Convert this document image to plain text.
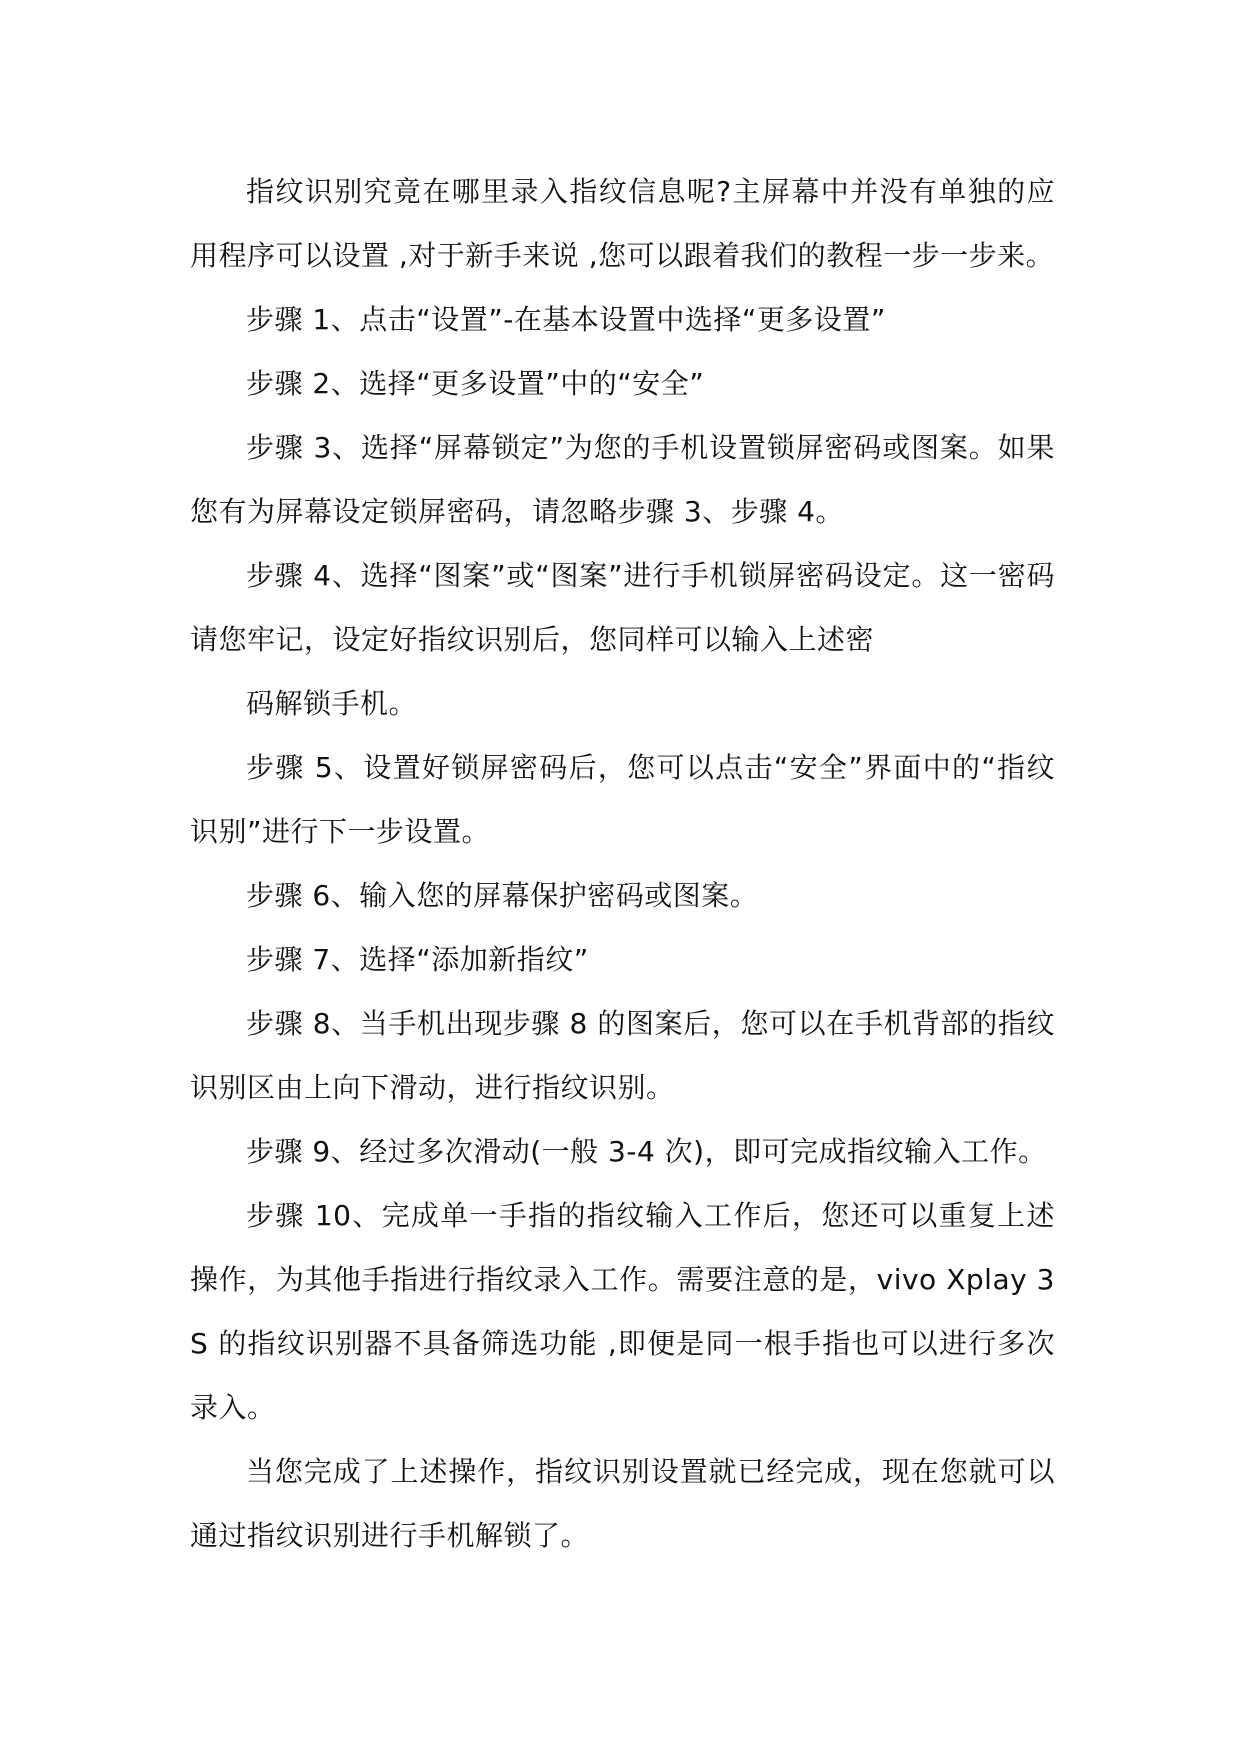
指纹识别究竟在哪里录入指纹信息呢?主屏幕中并没有单独的应用程序可以设置 ,对于新手来说 ,您可以跟着我们的教程一步一步来。

步骤 1、点击“设置”-在基本设置中选择“更多设置”

步骤 2、选择“更多设置”中的“安全”

步骤 3、选择“屏幕锁定”为您的手机设置锁屏密码或图案。如果您有为屏幕设定锁屏密码，请忽略步骤 3、步骤 4。

步骤 4、选择“图案”或“图案”进行手机锁屏密码设定。这一密码请您牢记，设定好指纹识别后，您同样可以输入上述密

码解锁手机。

步骤 5、设置好锁屏密码后，您可以点击“安全”界面中的“指纹识别”进行下一步设置。

步骤 6、输入您的屏幕保护密码或图案。

步骤 7、选择“添加新指纹”

步骤 8、当手机出现步骤 8 的图案后，您可以在手机背部的指纹识别区由上向下滑动，进行指纹识别。

步骤 9、经过多次滑动(一般 3-4 次)，即可完成指纹输入工作。

步骤 10、完成单一手指的指纹输入工作后，您还可以重复上述操作，为其他手指进行指纹录入工作。需要注意的是，vivo Xplay 3S 的指纹识别器不具备筛选功能 ,即便是同一根手指也可以进行多次录入。

当您完成了上述操作，指纹识别设置就已经完成，现在您就可以通过指纹识别进行手机解锁了。
